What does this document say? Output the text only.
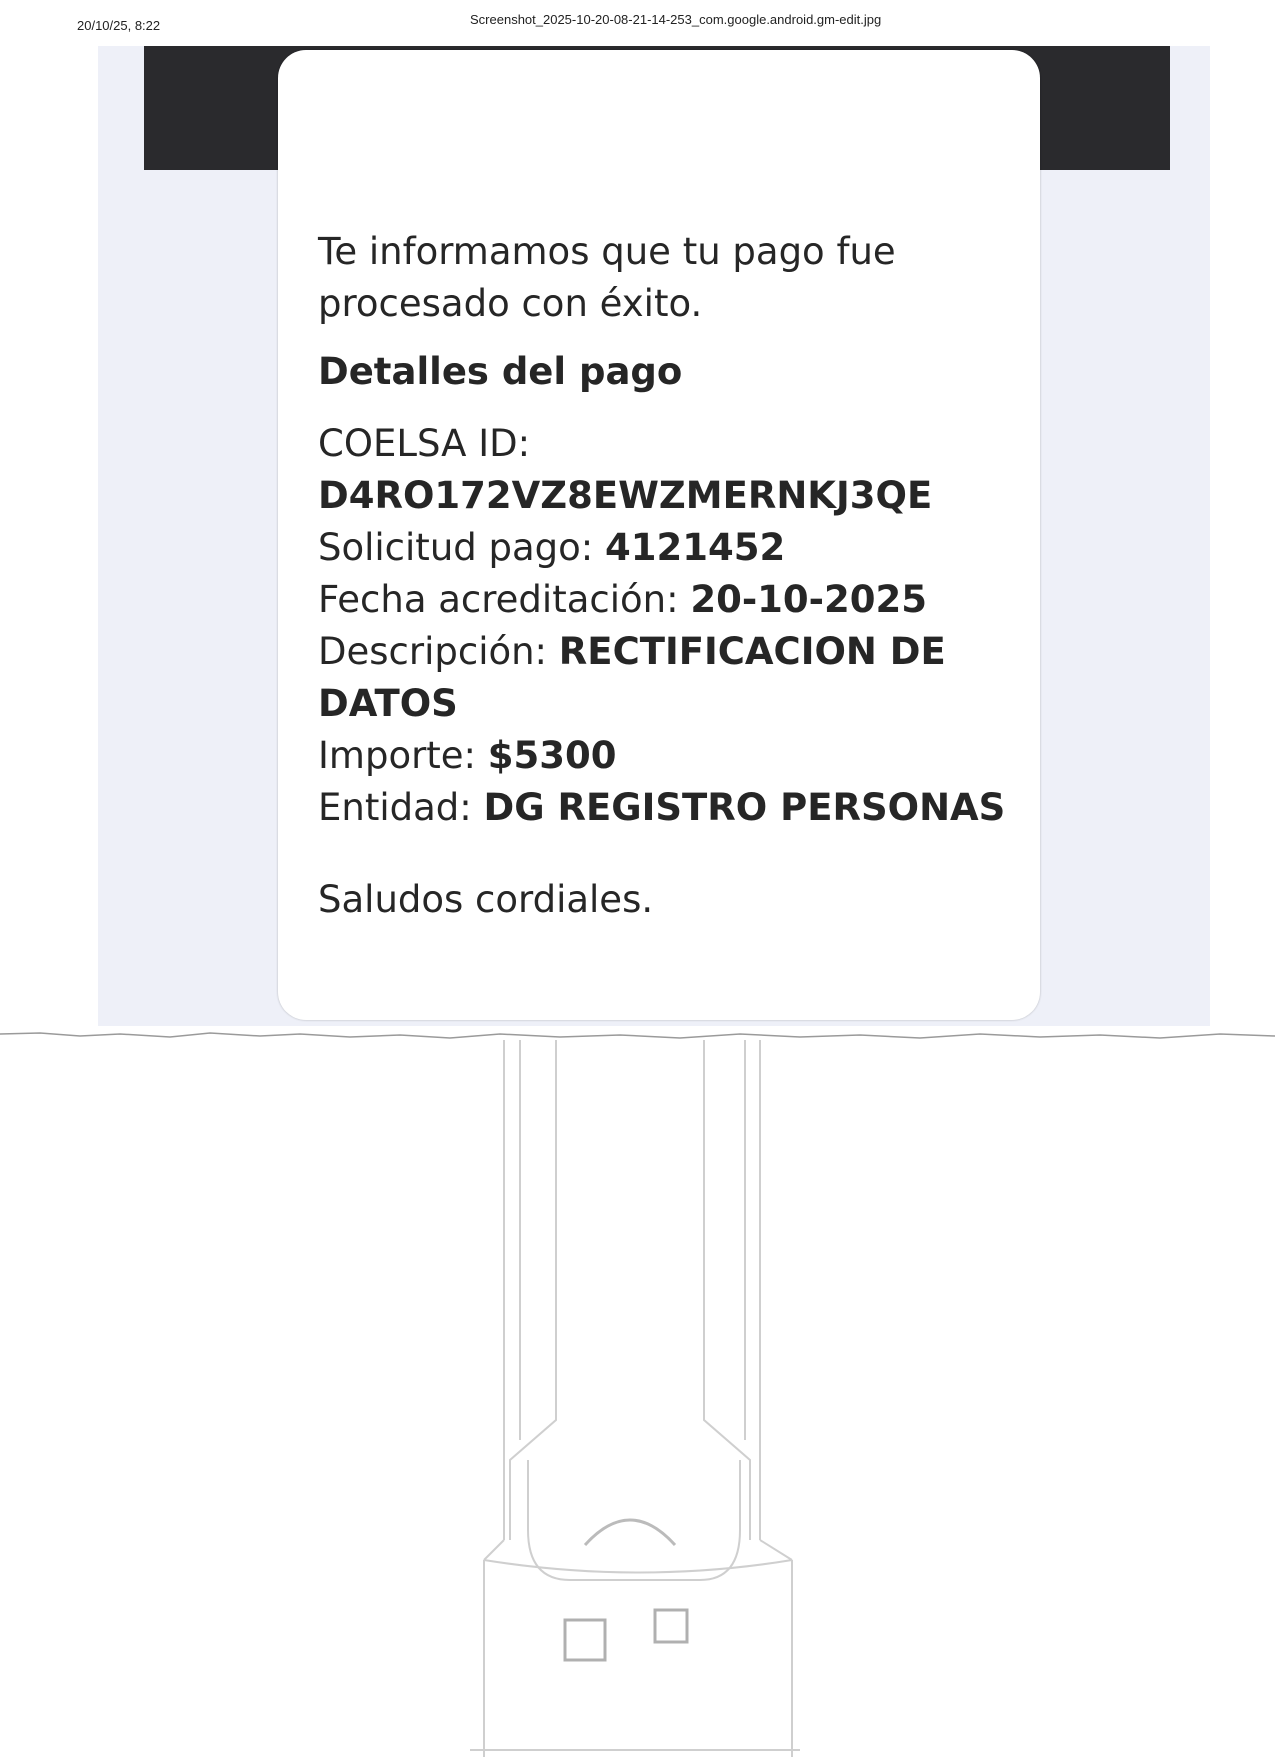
20/10/25, 8:22	Screenshot_2025-10-20-08-21-14-253_com.google.android.gm-edit.jpg

Te informamos que tu pago fue procesado con éxito.

Detalles del pago

COELSA ID:

D4RO172VZ8EWZMERNKJ3QE

Solicitud pago: 4121452

Fecha acreditación: 20-10-2025

Descripción: RECTIFICACION DE DATOS

Importe: $5300

Entidad: DG REGISTRO PERSONAS

Saludos cordiales.
